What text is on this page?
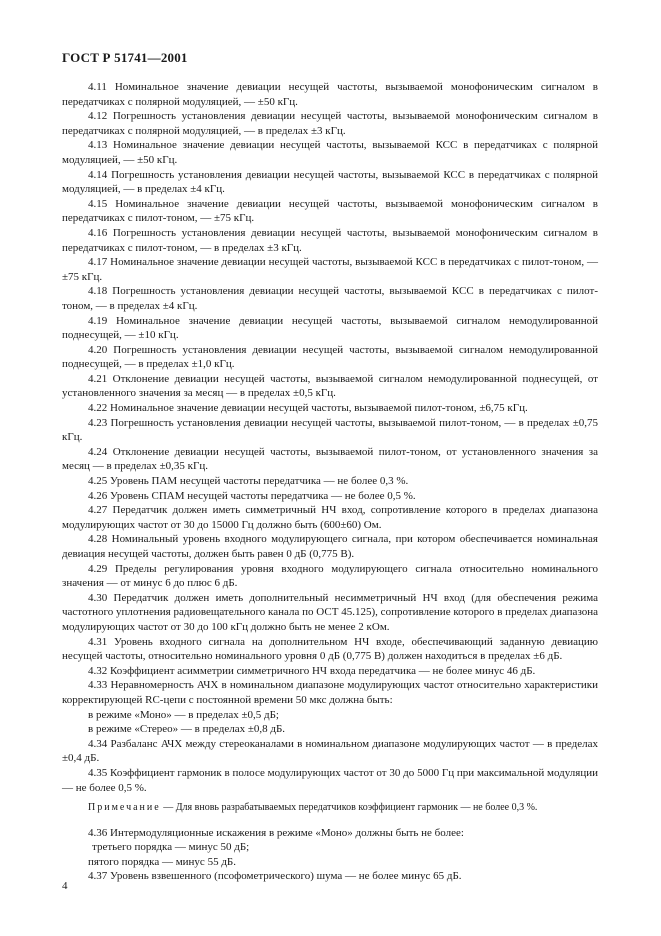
ГОСТ Р 51741—2001

4.11 Номинальное значение девиации несущей частоты, вызываемой монофоническим сигналом в передатчиках с полярной модуляцией, — ±50 кГц.

4.12 Погрешность установления девиации несущей частоты, вызываемой монофоническим сигналом в передатчиках с полярной модуляцией, — в пределах ±3 кГц.

4.13 Номинальное значение девиации несущей частоты, вызываемой КСС в передатчиках с полярной модуляцией, — ±50 кГц.

4.14 Погрешность установления девиации несущей частоты, вызываемой КСС в передатчиках с полярной модуляцией, — в пределах ±4 кГц.

4.15 Номинальное значение девиации несущей частоты, вызываемой монофоническим сигналом в передатчиках с пилот-тоном, — ±75 кГц.

4.16 Погрешность установления девиации несущей частоты, вызываемой монофоническим сигналом в передатчиках с пилот-тоном, — в пределах ±3 кГц.

4.17 Номинальное значение девиации несущей частоты, вызываемой КСС в передатчиках с пилот-тоном, — ±75 кГц.

4.18 Погрешность установления девиации несущей частоты, вызываемой КСС в передатчиках с пилот-тоном, — в пределах ±4 кГц.

4.19 Номинальное значение девиации несущей частоты, вызываемой сигналом немодулированной поднесущей, — ±10 кГц.

4.20 Погрешность установления девиации несущей частоты, вызываемой сигналом немодулированной поднесущей, — в пределах ±1,0 кГц.

4.21 Отклонение девиации несущей частоты, вызываемой сигналом немодулированной поднесущей, от установленного значения за месяц — в пределах ±0,5 кГц.

4.22 Номинальное значение девиации несущей частоты, вызываемой пилот-тоном, ±6,75 кГц.

4.23 Погрешность установления девиации несущей частоты, вызываемой пилот-тоном, — в пределах ±0,75 кГц.

4.24 Отклонение девиации несущей частоты, вызываемой пилот-тоном, от установленного значения за месяц — в пределах ±0,35 кГц.

4.25 Уровень ПАМ несущей частоты передатчика — не более 0,3 %.

4.26 Уровень СПАМ несущей частоты передатчика — не более 0,5 %.

4.27 Передатчик должен иметь симметричный НЧ вход, сопротивление которого в пределах диапазона модулирующих частот от 30 до 15000 Гц должно быть (600±60) Ом.

4.28 Номинальный уровень входного модулирующего сигнала, при котором обеспечивается номинальная девиация несущей частоты, должен быть равен 0 дБ (0,775 В).

4.29 Пределы регулирования уровня входного модулирующего сигнала относительно номинального значения — от минус 6 до плюс 6 дБ.

4.30 Передатчик должен иметь дополнительный несимметричный НЧ вход (для обеспечения режима частотного уплотнения радиовещательного канала по ОСТ 45.125), сопротивление которого в пределах диапазона модулирующих частот от 30 до 100 кГц должно быть не менее 2 кОм.

4.31 Уровень входного сигнала на дополнительном НЧ входе, обеспечивающий заданную девиацию несущей частоты, относительно номинального уровня 0 дБ (0,775 В) должен находиться в пределах ±6 дБ.

4.32 Коэффициент асимметрии симметричного НЧ входа передатчика — не более минус 46 дБ.

4.33 Неравномерность АЧХ в номинальном диапазоне модулирующих частот относительно характеристики корректирующей RC-цепи с постоянной времени 50 мкс должна быть:

в режиме «Моно» — в пределах ±0,5 дБ;

в режиме «Стерео» — в пределах ±0,8 дБ.

4.34 Разбаланс АЧХ между стереоканалами в номинальном диапазоне модулирующих частот — в пределах ±0,4 дБ.

4.35 Коэффициент гармоник в полосе модулирующих частот от 30 до 5000 Гц при максимальной модуляции — не более 0,5 %.

Примечание — Для вновь разрабатываемых передатчиков коэффициент гармоник — не более 0,3 %.

4.36 Интермодуляционные искажения в режиме «Моно» должны быть не более:

третьего порядка — минус 50 дБ;

пятого порядка — минус 55 дБ.

4.37 Уровень взвешенного (псофометрического) шума — не более минус 65 дБ.

4
